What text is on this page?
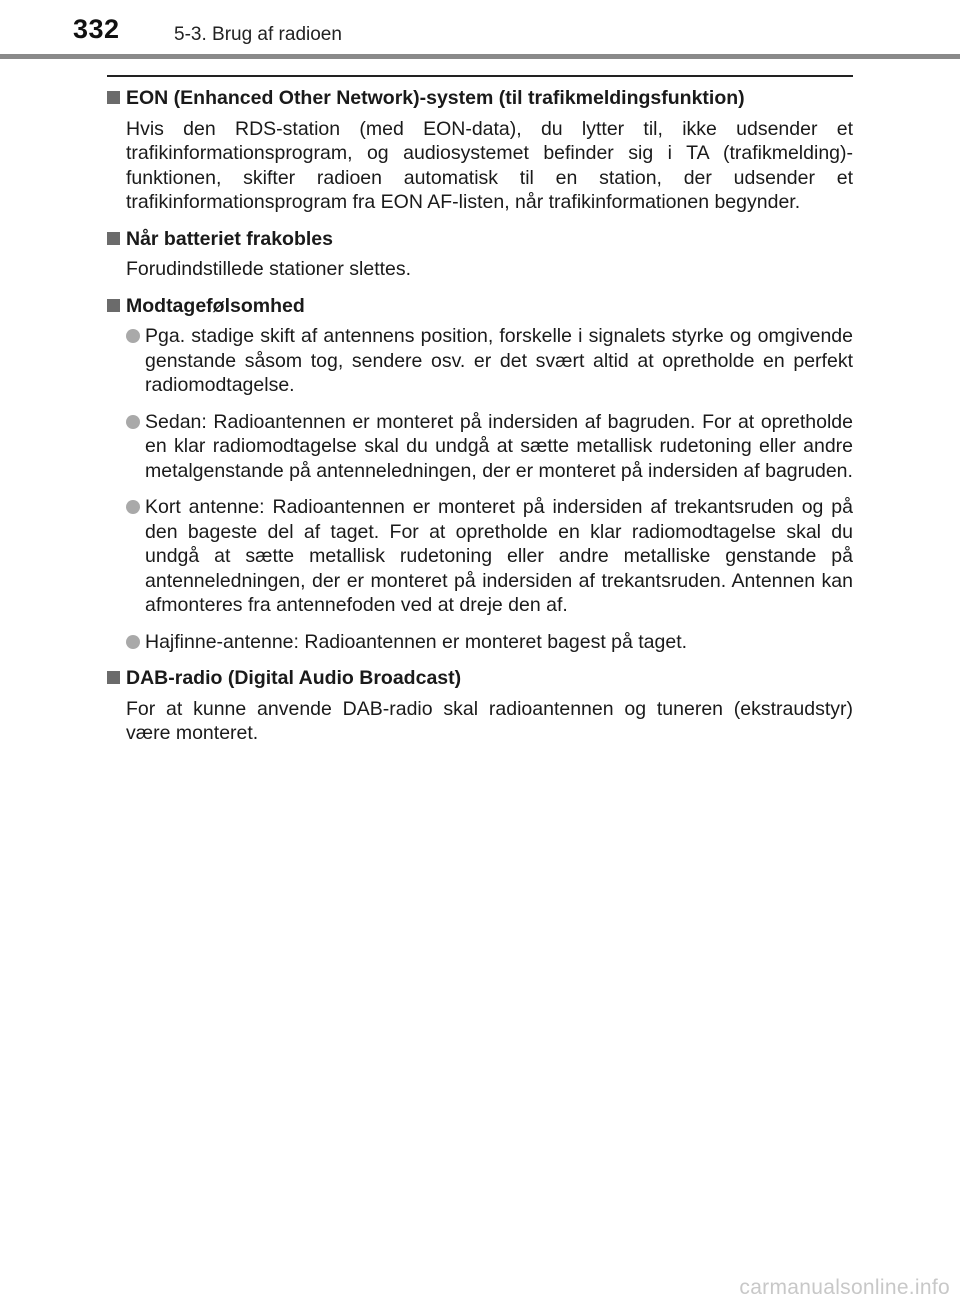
332	5-3. Brug af radioen
EON (Enhanced Other Network)-system (til trafikmeldingsfunktion)
Hvis den RDS-station (med EON-data), du lytter til, ikke udsender et trafikinformationsprogram, og audiosystemet befinder sig i TA (trafikmelding)-funktionen, skifter radioen automatisk til en station, der udsender et trafikinformationsprogram fra EON AF-listen, når trafikinformationen begynder.
Når batteriet frakobles
Forudindstillede stationer slettes.
Modtagefølsomhed
Pga. stadige skift af antennens position, forskelle i signalets styrke og omgivende genstande såsom tog, sendere osv. er det svært altid at opretholde en perfekt radiomodtagelse.
Sedan: Radioantennen er monteret på indersiden af bagruden. For at opretholde en klar radiomodtagelse skal du undgå at sætte metallisk rudetoning eller andre metalgenstande på antenneledningen, der er monteret på indersiden af bagruden.
Kort antenne: Radioantennen er monteret på indersiden af trekantsruden og på den bageste del af taget. For at opretholde en klar radiomodtagelse skal du undgå at sætte metallisk rudetoning eller andre metalliske genstande på antenneledningen, der er monteret på indersiden af trekantsruden. Antennen kan afmonteres fra antennefoden ved at dreje den af.
Hajfinne-antenne: Radioantennen er monteret bagest på taget.
DAB-radio (Digital Audio Broadcast)
For at kunne anvende DAB-radio skal radioantennen og tuneren (ekstraudstyr) være monteret.
carmanualsonline.info
